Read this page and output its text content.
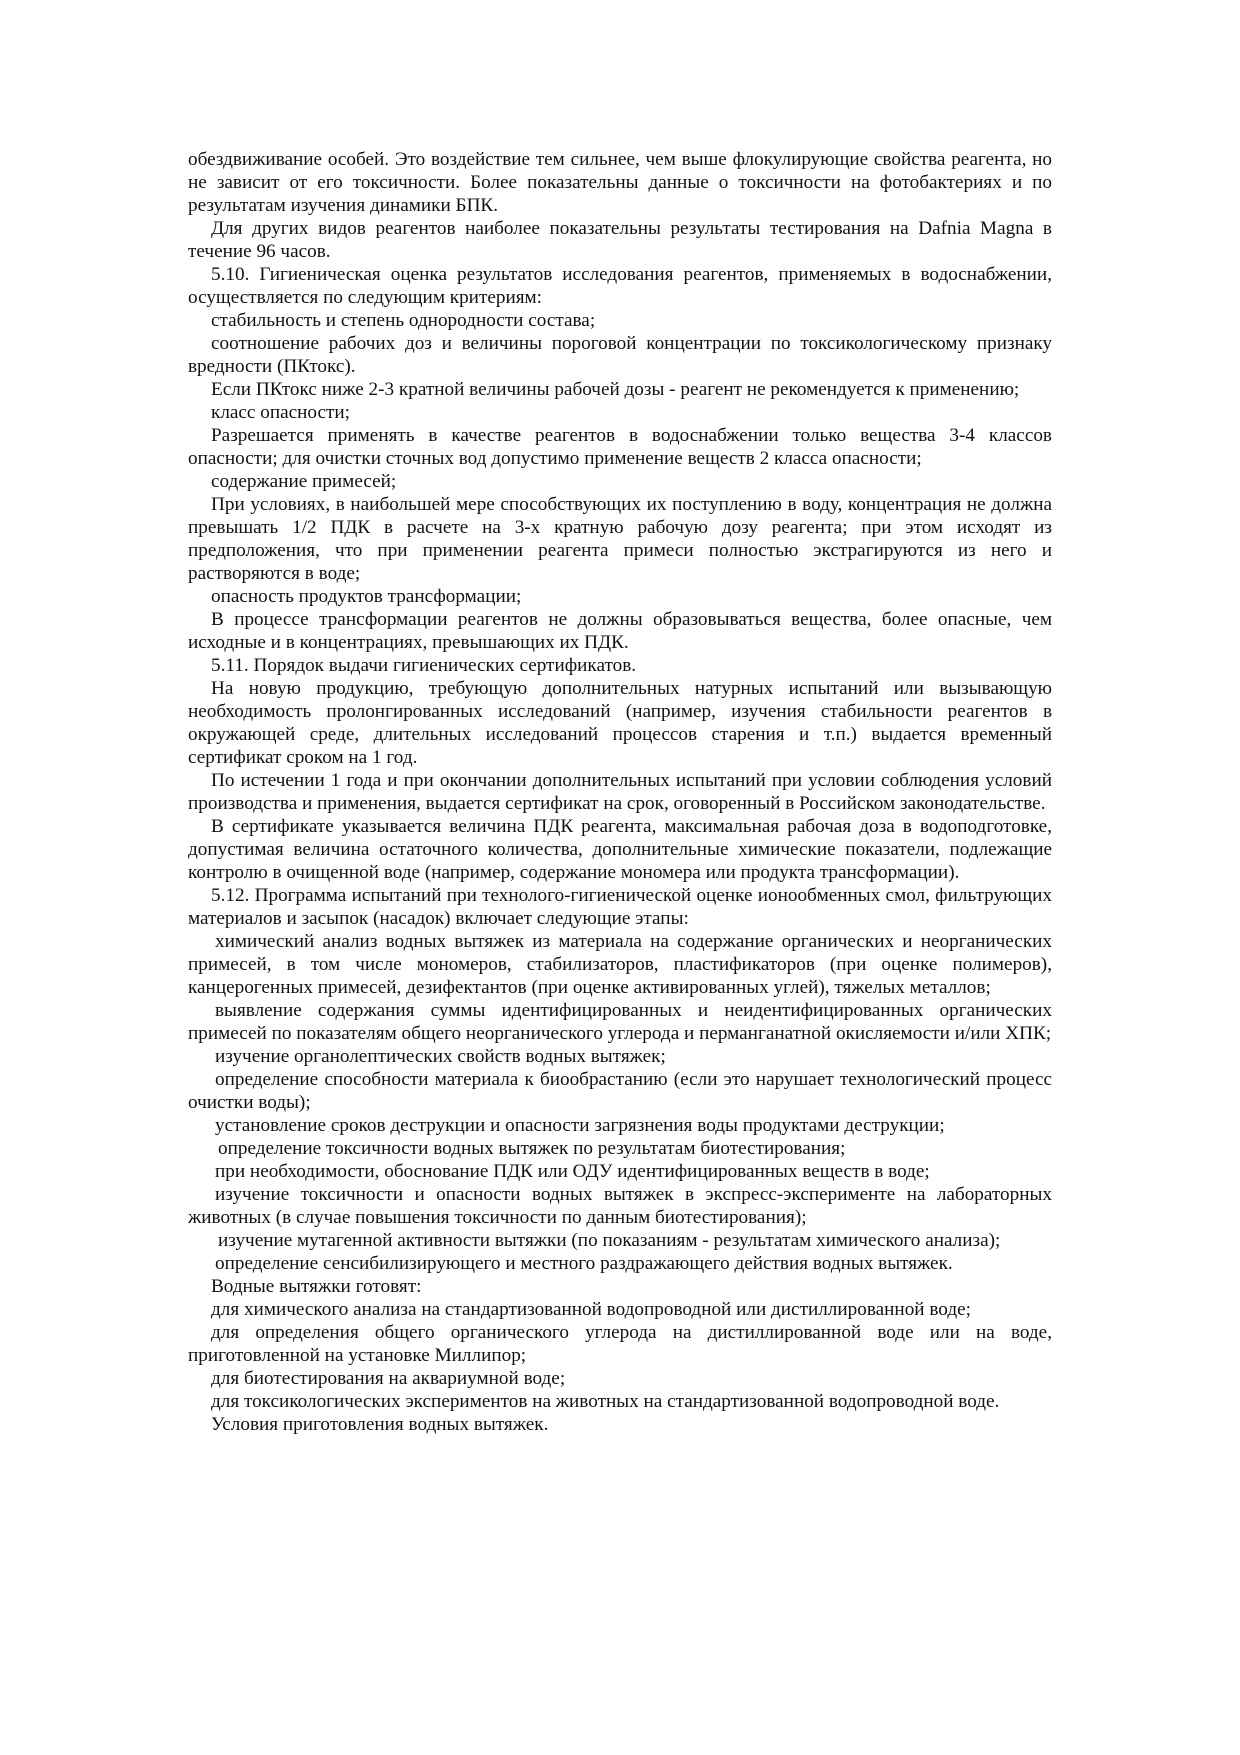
обездвиживание особей. Это воздействие тем сильнее, чем выше флокулирующие свойства реагента, но не зависит от его токсичности. Более показательны данные о токсичности на фотобактериях и по результатам изучения динамики БПК.

Для других видов реагентов наиболее показательны результаты тестирования на Dafnia Magna в течение 96 часов.

5.10. Гигиеническая оценка результатов исследования реагентов, применяемых в водоснабжении, осуществляется по следующим критериям:

стабильность и степень однородности состава;

соотношение рабочих доз и величины пороговой концентрации по токсикологическому признаку вредности (ПКтокс).

Если ПКтокс ниже 2-3 кратной величины рабочей дозы - реагент не рекомендуется к применению;

класс опасности;

Разрешается применять в качестве реагентов в водоснабжении только вещества 3-4 классов опасности; для очистки сточных вод допустимо применение веществ 2 класса опасности;

содержание примесей;

При условиях, в наибольшей мере способствующих их поступлению в воду, концентрация не должна превышать 1/2 ПДК в расчете на 3-х кратную рабочую дозу реагента; при этом исходят из предположения, что при применении реагента примеси полностью экстрагируются из него и растворяются в воде;

опасность продуктов трансформации;

В процессе трансформации реагентов не должны образовываться вещества, более опасные, чем исходные и в концентрациях, превышающих их ПДК.

5.11. Порядок выдачи гигиенических сертификатов.

На новую продукцию, требующую дополнительных натурных испытаний или вызывающую необходимость пролонгированных исследований (например, изучения стабильности реагентов в окружающей среде, длительных исследований процессов старения и т.п.) выдается временный сертификат сроком на 1 год.

По истечении 1 года и при окончании дополнительных испытаний при условии соблюдения условий производства и применения, выдается сертификат на срок, оговоренный в Российском законодательстве.

В сертификате указывается величина ПДК реагента, максимальная рабочая доза в водоподготовке, допустимая величина остаточного количества, дополнительные химические показатели, подлежащие контролю в очищенной воде (например, содержание мономера или продукта трансформации).

5.12. Программа испытаний при технолого-гигиенической оценке ионообменных смол, фильтрующих материалов и засыпок (насадок) включает следующие этапы:

химический анализ водных вытяжек из материала на содержание органических и неорганических примесей, в том числе мономеров, стабилизаторов, пластификаторов (при оценке полимеров), канцерогенных примесей, дезифектантов (при оценке активированных углей), тяжелых металлов;

выявление содержания суммы идентифицированных и неидентифицированных органических примесей по показателям общего неорганического углерода и перманганатной окисляемости и/или ХПК;

изучение органолептических свойств водных вытяжек;

определение способности материала к биообрастанию (если это нарушает технологический процесс очистки воды);

установление сроков деструкции и опасности загрязнения воды продуктами деструкции;

определение токсичности водных вытяжек по результатам биотестирования;

при необходимости, обоснование ПДК или ОДУ идентифицированных веществ в воде;

изучение токсичности и опасности водных вытяжек в экспресс-эксперименте на лабораторных животных (в случае повышения токсичности по данным биотестирования);

изучение мутагенной активности вытяжки (по показаниям - результатам химического анализа);

определение сенсибилизирующего и местного раздражающего действия водных вытяжек.

Водные вытяжки готовят:

для химического анализа на стандартизованной водопроводной или дистиллированной воде;

для определения общего органического углерода на дистиллированной воде или на воде, приготовленной на установке Миллипор;

для биотестирования на аквариумной воде;

для токсикологических экспериментов на животных на стандартизованной водопроводной воде.

Условия приготовления водных вытяжек.
